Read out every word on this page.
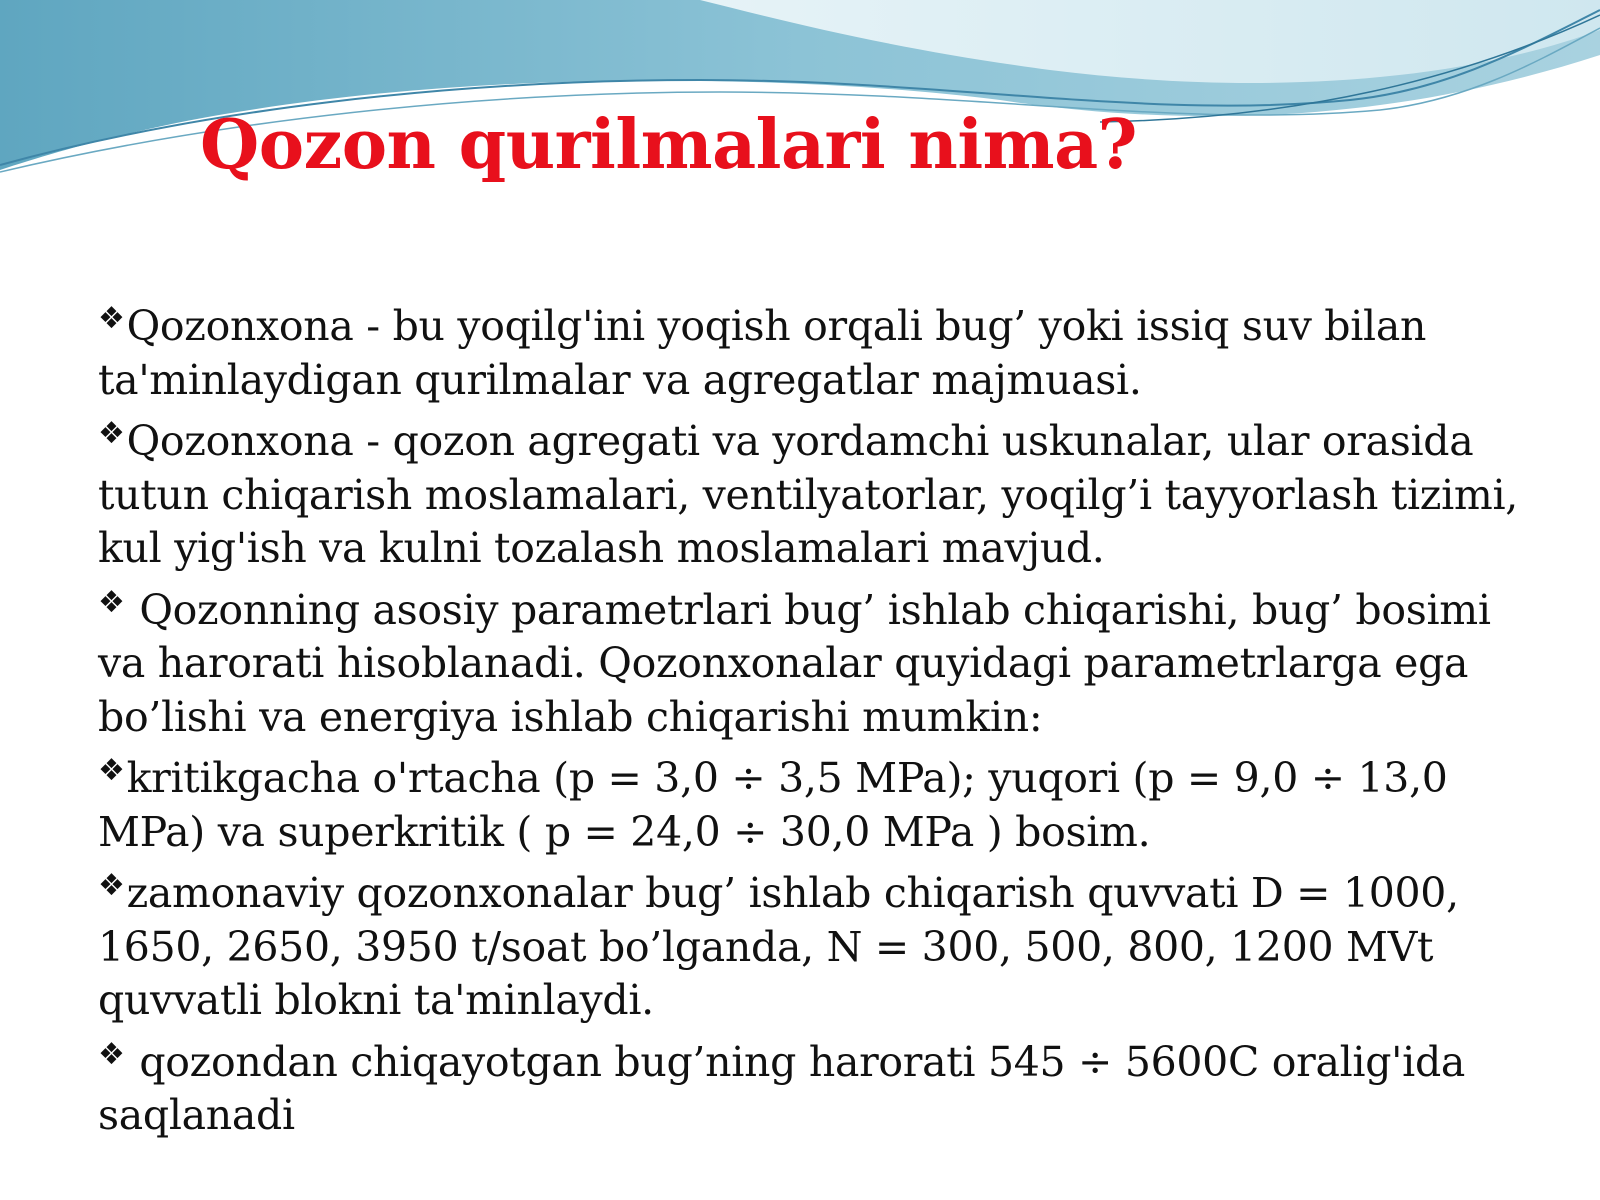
Qozon qurilmalari nima?

❖Qozonxona - bu yoqilg'ini yoqish orqali bug’ yoki issiq suv bilan ta'minlaydigan qurilmalar va agregatlar majmuasi.

❖Qozonxona - qozon agregati va yordamchi uskunalar, ular orasida tutun chiqarish moslamalari, ventilyatorlar, yoqilg’i tayyorlash tizimi, kul yig'ish va kulni tozalash moslamalari mavjud.

❖ Qozonning asosiy parametrlari bug’ ishlab chiqarishi, bug’ bosimi va harorati hisoblanadi. Qozonxonalar quyidagi parametrlarga ega bo’lishi va energiya ishlab chiqarishi mumkin:

❖kritikgacha o'rtacha (p = 3,0 ÷ 3,5 MPa); yuqori (p = 9,0 ÷ 13,0 MPa) va superkritik ( p = 24,0 ÷ 30,0 MPa ) bosim.

❖zamonaviy qozonxonalar bug’ ishlab chiqarish quvvati D = 1000, 1650, 2650, 3950 t/soat bo’lganda, N = 300, 500, 800, 1200 MVt quvvatli blokni ta'minlaydi.

❖ qozondan chiqayotgan bug’ning harorati 545 ÷ 5600C oralig'ida saqlanadi
